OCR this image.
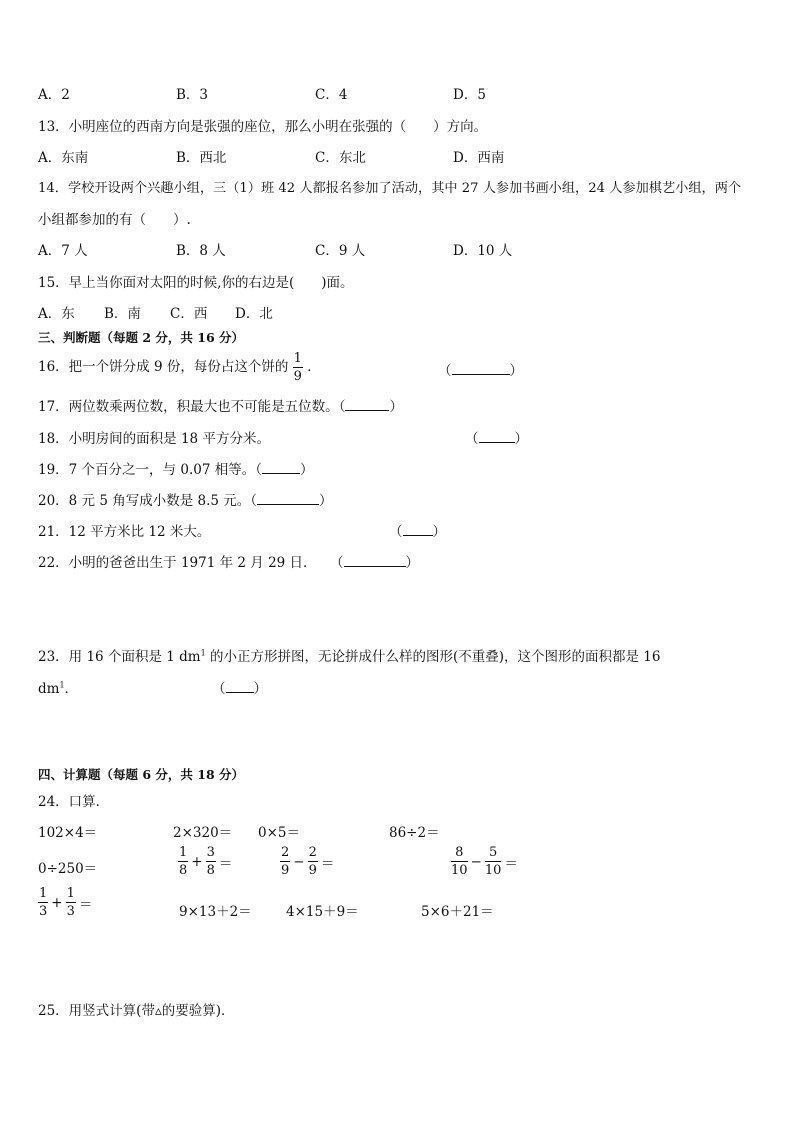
A．2	B．3	C．4	D．5
13．小明座位的西南方向是张强的座位，那么小明在张强的（　　）方向。
A．东南	B．西北	C．东北	D．西南
14．学校开设两个兴趣小组，三（1）班 42 人都报名参加了活动，其中 27 人参加书画小组，24 人参加棋艺小组，两个
小组都参加的有（　　）.
A．7 人	B．8 人	C．9 人	D．10 人
15．早上当你面对太阳的时候,你的右边是(　　)面。
A．东 B．南 C．西 D．北
三、判断题（每题 2 分，共 16 分）
16．把一个饼分成 9 份，每份占这个饼的 $\frac{1}{9}$ ．	（	）
17．两位数乘两位数，积最大也不可能是五位数。（	）
18．小明房间的面积是 18 平方分米。	（	）
19．7 个百分之一，与 0.07 相等。（	）
20．8 元 5 角写成小数是 8.5 元。（	）
21．12 平方米比 12 米大。	（ ）
22．小明的爸爸出生于 1971 年 2 月 29 日． （	）
23．用 16 个面积是 1 $dm^1$ 的小正方形拼图，无论拼成什么样的图形(不重叠)，这个图形的面积都是 16
$dm^1$．	（ ）
四、计算题（每题 6 分，共 18 分）
24．口算．
102×4＝	2×320＝ 0×5＝	86÷2＝
0÷250＝	$\frac{1}{8} + \frac{3}{8}$ ＝	$\frac{2}{9} - \frac{2}{9}$ ＝	$\frac{8}{10} - \frac{5}{10}$ ＝
$\frac{1}{3} + \frac{1}{3}$ ＝	9×13＋2＝	4×15＋9＝	5×6＋21＝
25．用竖式计算(带▵的要验算)．
